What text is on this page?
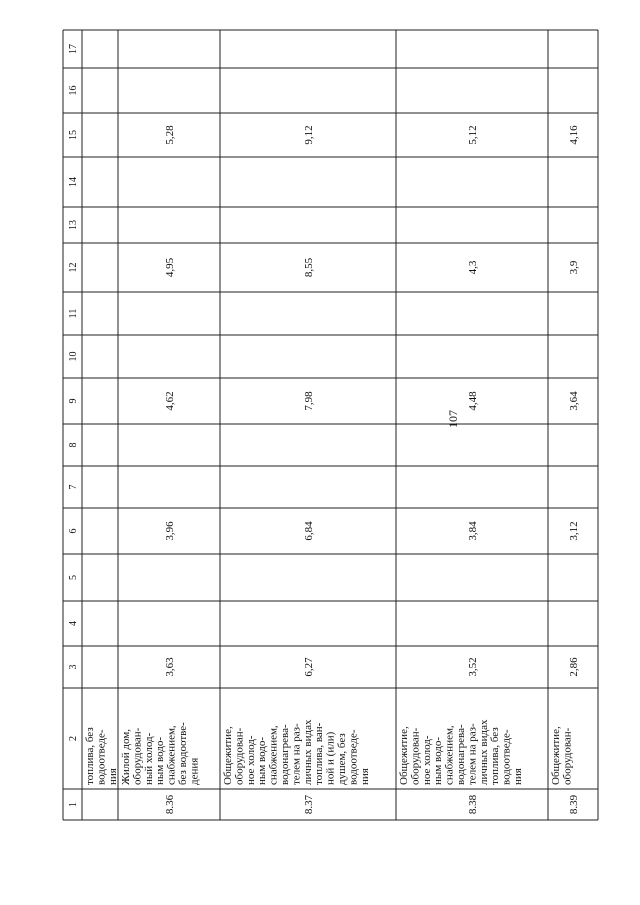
107
1
2
3
4
5
6
7
8
9
10
11
12
13
14
15
16
17
топлива, без водоотведе- ния
8.36
Жилой дом, оборудован- ный холод- ным водо- снабжением, без водоотве- дения
3,63
3,96
4,62
4,95
5,28
8.37
Общежитие, оборудован- ное холод- ным водо- снабжением, водонагрева- телем на раз- личных видах топлива, ван- ной и (или) душем, без водоотведе- ния
6,27
6,84
7,98
8,55
9,12
8.38
Общежитие, оборудован- ное холод- ным водо- снабжением, водонагрева- телем на раз- личных видах топлива, без водоотведе- ния
3,52
3,84
4,48
4,3
5,12
8.39
Общежитие, оборудован-
2,86
3,12
3,64
3,9
4,16
